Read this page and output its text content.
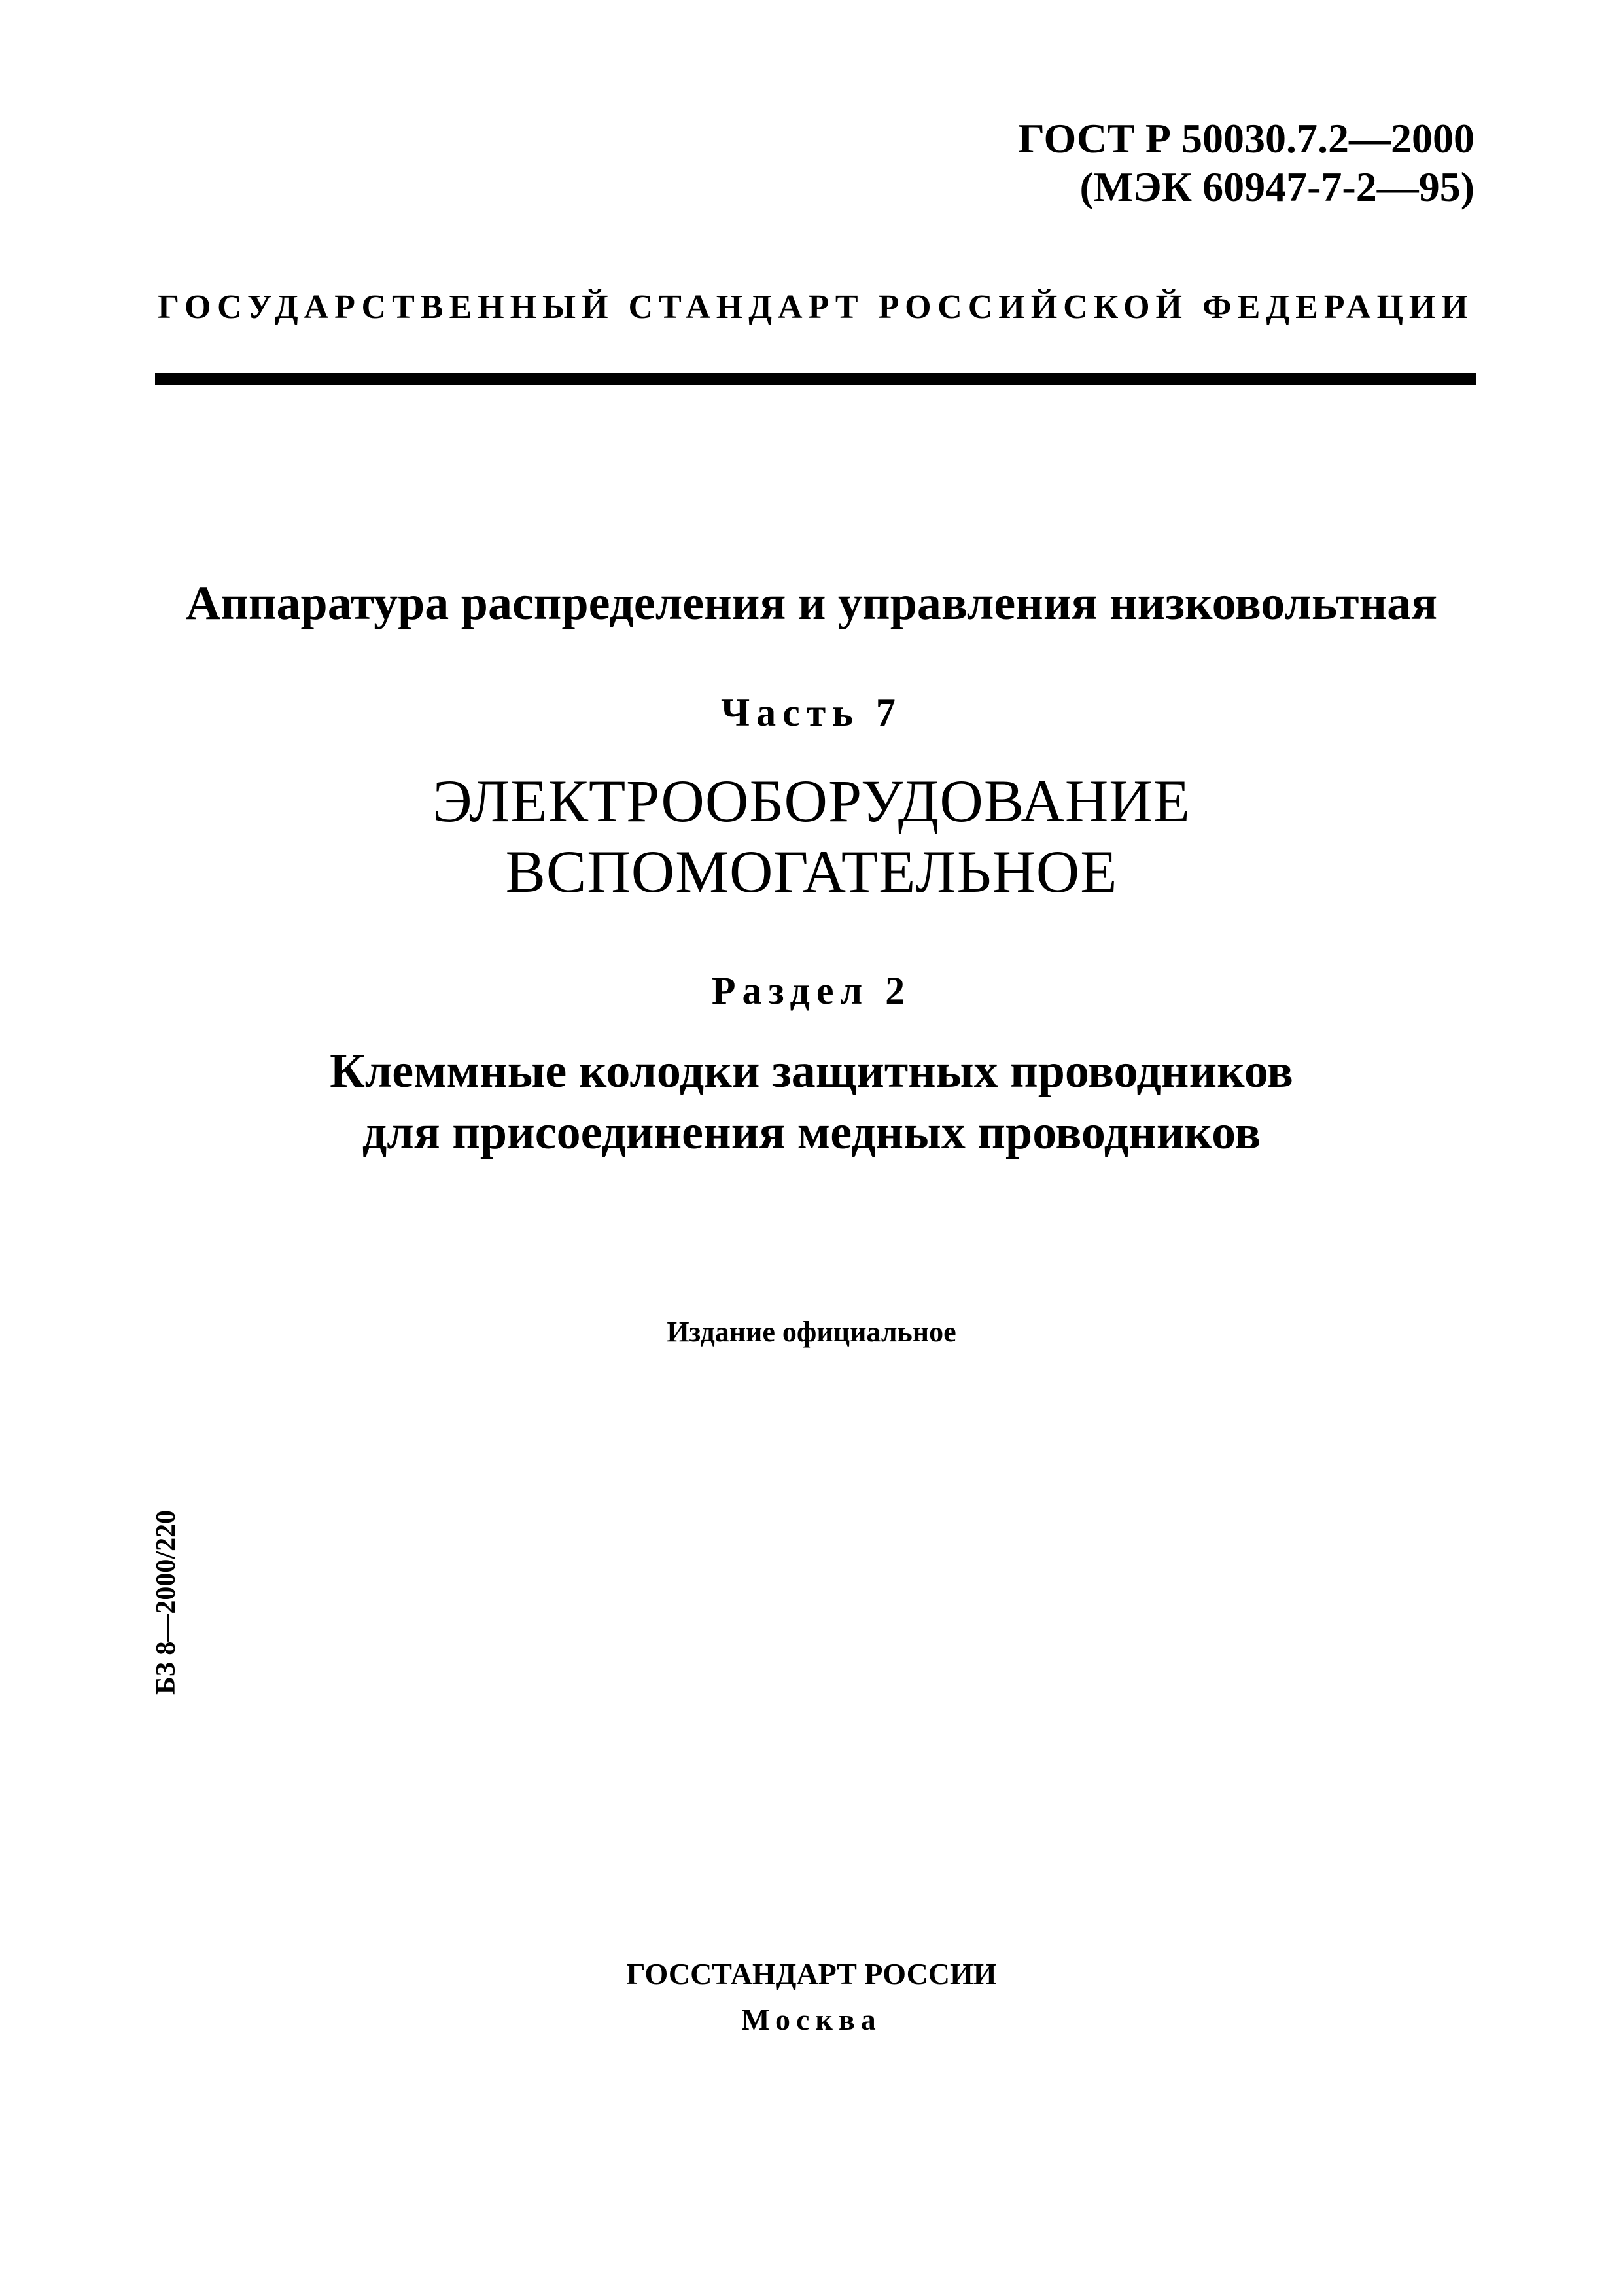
ГОСТ Р 50030.7.2—2000
(МЭК 60947-7-2—95)
ГОСУДАРСТВЕННЫЙ СТАНДАРТ РОССИЙСКОЙ ФЕДЕРАЦИИ
Аппаратура распределения и управления низковольтная
Часть 7
ЭЛЕКТРООБОРУДОВАНИЕ
ВСПОМОГАТЕЛЬНОЕ
Раздел 2
Клеммные колодки защитных проводников
для присоединения медных проводников
Издание официальное
БЗ 8—2000/220
ГОССТАНДАРТ РОССИИ
Москва
